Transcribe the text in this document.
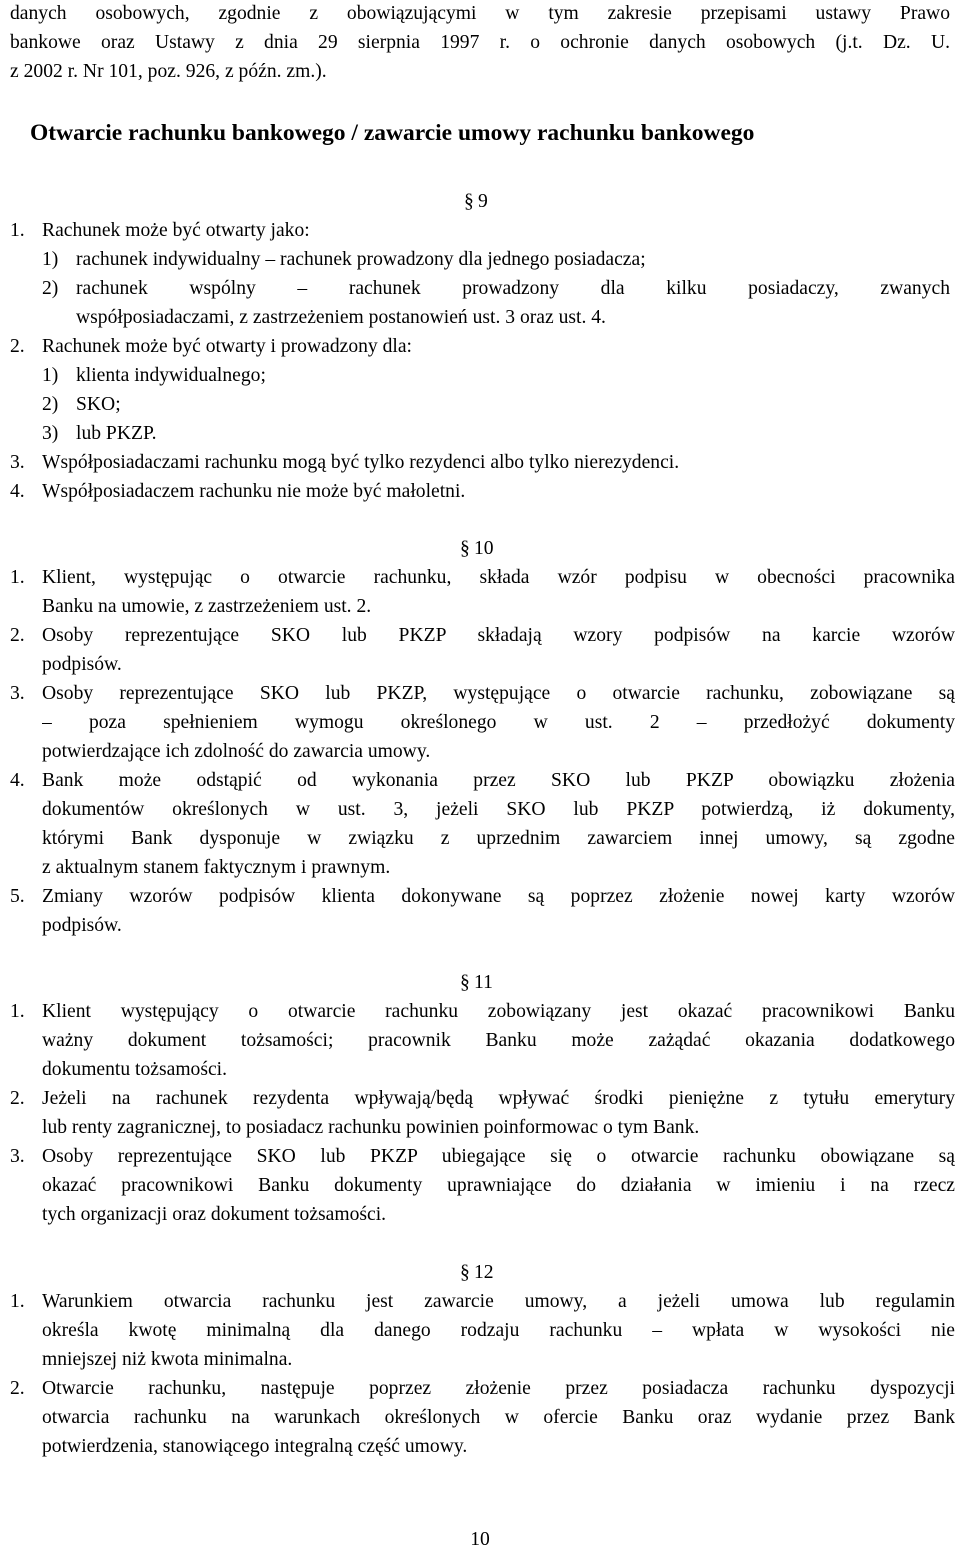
danych osobowych, zgodnie z obowiązującymi w tym zakresie przepisami ustawy Prawo
bankowe oraz Ustawy z dnia 29 sierpnia 1997 r. o ochronie danych osobowych (j.t. Dz. U.
z 2002 r. Nr 101, poz. 926, z późn. zm.).
Otwarcie rachunku bankowego / zawarcie umowy rachunku bankowego
§ 9
1. Rachunek może być otwarty jako:
1) rachunek indywidualny – rachunek prowadzony dla jednego posiadacza;
2) rachunek wspólny – rachunek prowadzony dla kilku posiadaczy, zwanych
współposiadaczami, z zastrzeżeniem postanowień ust. 3 oraz ust. 4.
2. Rachunek może być otwarty i prowadzony dla:
1) klienta indywidualnego;
2) SKO;
3) lub PKZP.
3. Współposiadaczami rachunku mogą być tylko rezydenci albo tylko nierezydenci.
4. Współposiadaczem rachunku nie może być małoletni.
§ 10
1. Klient, występując o otwarcie rachunku, składa wzór podpisu w obecności pracownika
Banku na umowie, z zastrzeżeniem ust. 2.
2. Osoby reprezentujące SKO lub PKZP składają wzory podpisów na karcie wzorów
podpisów.
3. Osoby reprezentujące SKO lub PKZP, występujące o otwarcie rachunku, zobowiązane są
– poza spełnieniem wymogu określonego w ust. 2 – przedłożyć dokumenty
potwierdzające ich zdolność do zawarcia umowy.
4. Bank może odstąpić od wykonania przez SKO lub PKZP obowiązku złożenia
dokumentów określonych w ust. 3, jeżeli SKO lub PKZP potwierdzą, iż dokumenty,
którymi Bank dysponuje w związku z uprzednim zawarciem innej umowy, są zgodne
z aktualnym stanem faktycznym i prawnym.
5. Zmiany wzorów podpisów klienta dokonywane są poprzez złożenie nowej karty wzorów
podpisów.
§ 11
1. Klient występujący o otwarcie rachunku zobowiązany jest okazać pracownikowi Banku
ważny dokument tożsamości; pracownik Banku może zażądać okazania dodatkowego
dokumentu tożsamości.
2. Jeżeli na rachunek rezydenta wpływają/będą wpływać środki pieniężne z tytułu emerytury
lub renty zagranicznej, to posiadacz rachunku powinien poinformowac o tym Bank.
3. Osoby reprezentujące SKO lub PKZP ubiegające się o otwarcie rachunku obowiązane są
okazać pracownikowi Banku dokumenty uprawniające do działania w imieniu i na rzecz
tych organizacji oraz dokument tożsamości.
§ 12
1. Warunkiem otwarcia rachunku jest zawarcie umowy, a jeżeli umowa lub regulamin
określa kwotę minimalną dla danego rodzaju rachunku – wpłata w wysokości nie
mniejszej niż kwota minimalna.
2. Otwarcie rachunku, następuje poprzez złożenie przez posiadacza rachunku dyspozycji
otwarcia rachunku na warunkach określonych w ofercie Banku oraz wydanie przez Bank
potwierdzenia, stanowiącego integralną część umowy.
10
